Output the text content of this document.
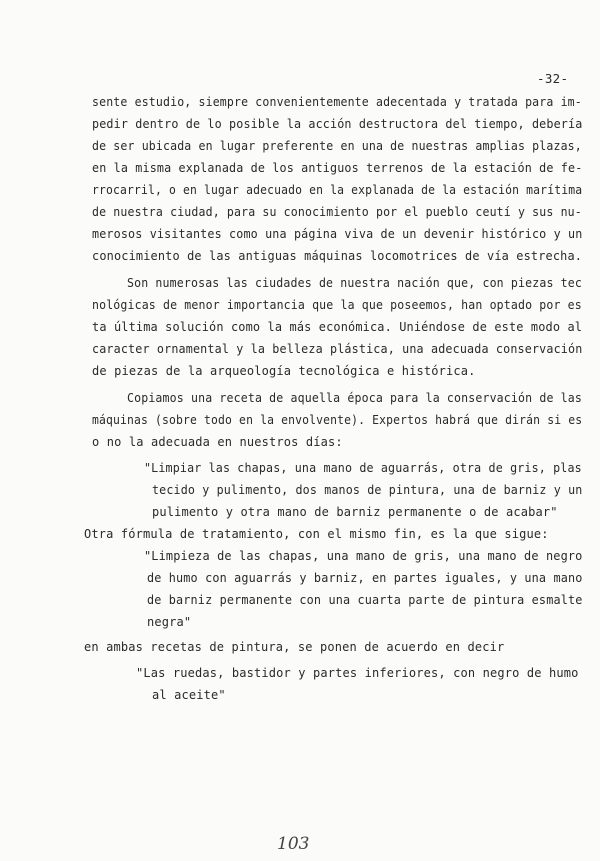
-32-
sente estudio, siempre convenientemente adecentada y tratada para im-
pedir dentro de lo posible la acción destructora del tiempo, debería
de ser ubicada en lugar preferente en una de nuestras amplias plazas,
en la misma explanada de los antiguos terrenos de la estación de fe-
rrocarril, o en lugar adecuado en la explanada de la estación marítima
de nuestra ciudad, para su conocimiento por el pueblo ceutí y sus nu-
merosos visitantes como una página viva de un devenir histórico y un
conocimiento de las antiguas máquinas locomotrices de vía estrecha.
Son numerosas las ciudades de nuestra nación que, con piezas tec
nológicas de menor importancia que la que poseemos, han optado por es
ta última solución como la más económica. Uniéndose de este modo al
caracter ornamental y la belleza plástica, una adecuada conservación
de piezas de la arqueología tecnológica e histórica.
Copiamos una receta de aquella época para la conservación de las
máquinas (sobre todo en la envolvente). Expertos habrá que dirán si es
o no la adecuada en nuestros días:
"Limpiar las chapas, una mano de aguarrás, otra de gris, plas
tecido y pulimento, dos manos de pintura, una de barniz y un
pulimento y otra mano de barniz permanente o de acabar"
Otra fórmula de tratamiento, con el mismo fin, es la que sigue:
"Limpieza de las chapas, una mano de gris, una mano de negro
de humo con aguarrás y barniz, en partes iguales, y una mano
de barniz permanente con una cuarta parte de pintura esmalte
negra"
en ambas recetas de pintura, se ponen de acuerdo en decir
"Las ruedas, bastidor y partes inferiores, con negro de humo
al aceite"
103
